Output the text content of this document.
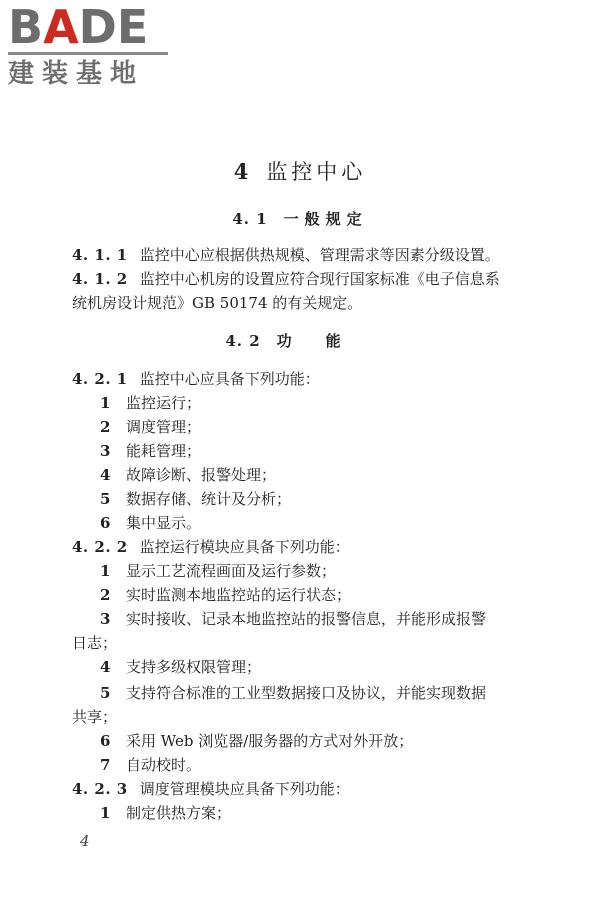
BADE
建装基地
4 监控中心
4. 1 一般规定
4. 1. 1 监控中心应根据供热规模、管理需求等因素分级设置。
4. 1. 2 监控中心机房的设置应符合现行国家标准《电子信息系
统机房设计规范》GB 50174 的有关规定。
4. 2 功能
4. 2. 1 监控中心应具备下列功能：
1 监控运行；
2 调度管理；
3 能耗管理；
4 故障诊断、报警处理；
5 数据存储、统计及分析；
6 集中显示。
4. 2. 2 监控运行模块应具备下列功能：
1 显示工艺流程画面及运行参数；
2 实时监测本地监控站的运行状态；
3 实时接收、记录本地监控站的报警信息，并能形成报警
日志；
4 支持多级权限管理；
5 支持符合标准的工业型数据接口及协议，并能实现数据
共享；
6 采用 Web 浏览器/服务器的方式对外开放；
7 自动校时。
4. 2. 3 调度管理模块应具备下列功能：
1 制定供热方案；
4
